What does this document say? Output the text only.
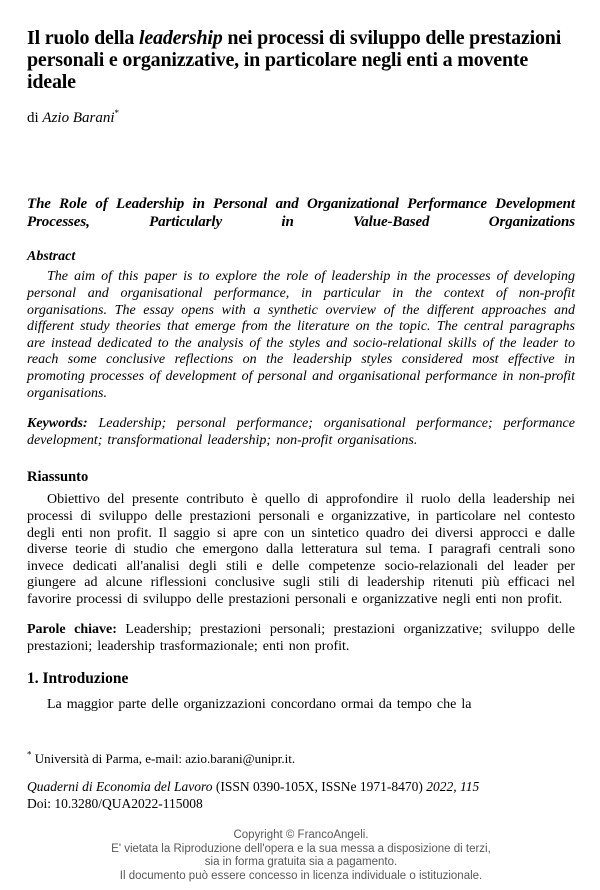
Il ruolo della leadership nei processi di sviluppo delle prestazioni personali e organizzative, in particolare negli enti a movente ideale
di Azio Barani*
The Role of Leadership in Personal and Organizational Performance Development Processes, Particularly in Value-Based Organizations
Abstract

The aim of this paper is to explore the role of leadership in the processes of developing personal and organisational performance, in particular in the context of non-profit organisations. The essay opens with a synthetic overview of the different approaches and different study theories that emerge from the literature on the topic. The central paragraphs are instead dedicated to the analysis of the styles and socio-relational skills of the leader to reach some conclusive reflections on the leadership styles considered most effective in promoting processes of development of personal and organisational performance in non-profit organisations.

Keywords: Leadership; personal performance; organisational performance; performance development; transformational leadership; non-profit organisations.

Riassunto

Obiettivo del presente contributo è quello di approfondire il ruolo della leadership nei processi di sviluppo delle prestazioni personali e organizzative, in particolare nel contesto degli enti non profit. Il saggio si apre con un sintetico quadro dei diversi approcci e dalle diverse teorie di studio che emergono dalla letteratura sul tema. I paragrafi centrali sono invece dedicati all'analisi degli stili e delle competenze socio-relazionali del leader per giungere ad alcune riflessioni conclusive sugli stili di leadership ritenuti più efficaci nel favorire processi di sviluppo delle prestazioni personali e organizzative negli enti non profit.

Parole chiave: Leadership; prestazioni personali; prestazioni organizzative; sviluppo delle prestazioni; leadership trasformazionale; enti non profit.

1. Introduzione

La maggior parte delle organizzazioni concordano ormai da tempo che la

* Università di Parma, e-mail: azio.barani@unipr.it.
Quaderni di Economia del Lavoro (ISSN 0390-105X, ISSNe 1971-8470) 2022, 115
Doi: 10.3280/QUA2022-115008
Copyright © FrancoAngeli.
E' vietata la Riproduzione dell'opera e la sua messa a disposizione di terzi,
sia in forma gratuita sia a pagamento.
Il documento può essere concesso in licenza individuale o istituzionale.
